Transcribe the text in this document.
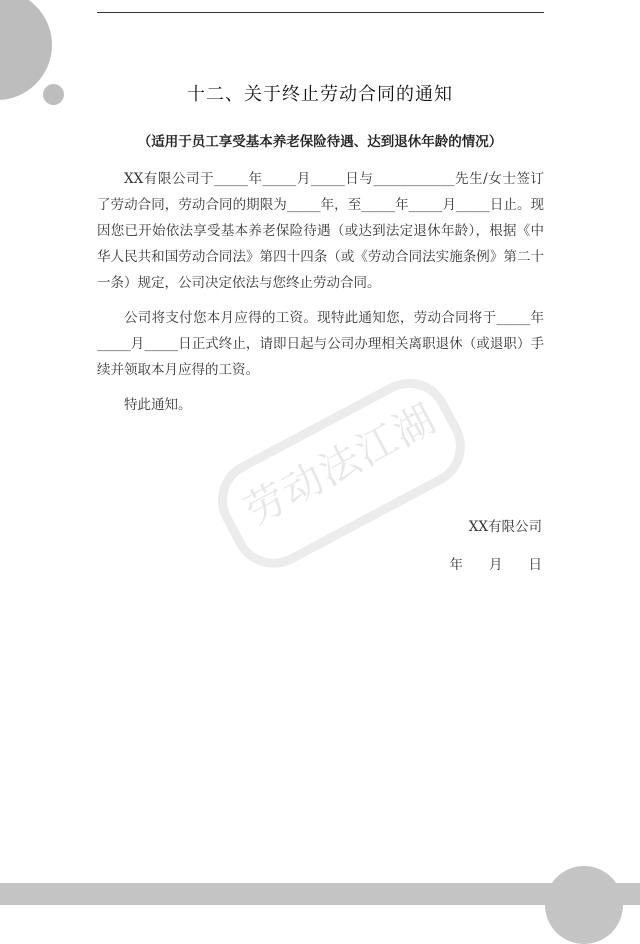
十二、关于终止劳动合同的通知
（适用于员工享受基本养老保险待遇、达到退休年龄的情况）

XX有限公司于_____年_____月_____日与____________先生/女士签订了劳动合同，劳动合同的期限为_____年，至_____年_____月_____日止。现因您已开始依法享受基本养老保险待遇（或达到法定退休年龄），根据《中华人民共和国劳动合同法》第四十四条（或《劳动合同法实施条例》第二十一条）规定，公司决定依法与您终止劳动合同。

公司将支付您本月应得的工资。现特此通知您，劳动合同将于_____年_____月_____日正式终止，请即日起与公司办理相关离职退休（或退职）手续并领取本月应得的工资。

特此通知。	劳动法江湖 XX有限公司
年 月 日
